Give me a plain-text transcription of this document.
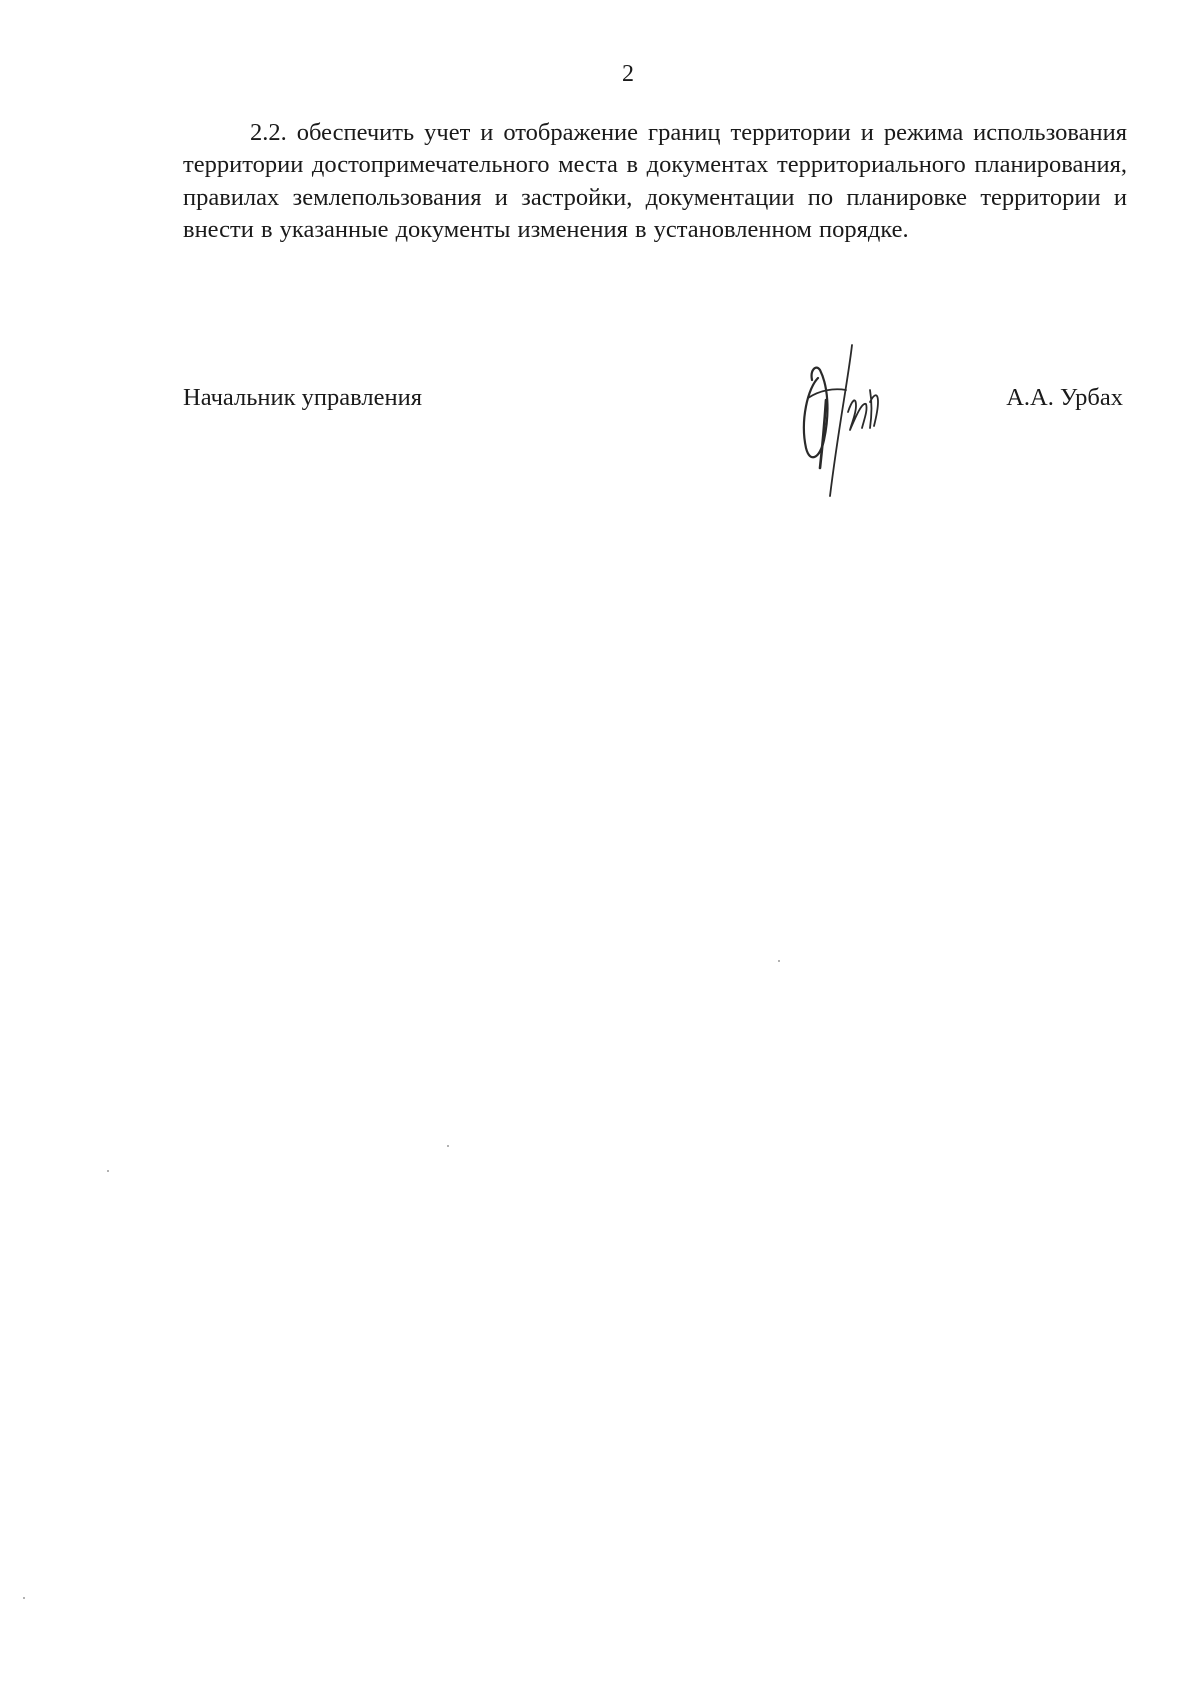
2

2.2. обеспечить учет и отображение границ территории и режима использования территории достопримечательного места в документах территориального планирования, правилах землепользования и застройки, документации по планировке территории и внести в указанные документы изменения в установленном порядке.

Начальник управления	А.А. Урбах
